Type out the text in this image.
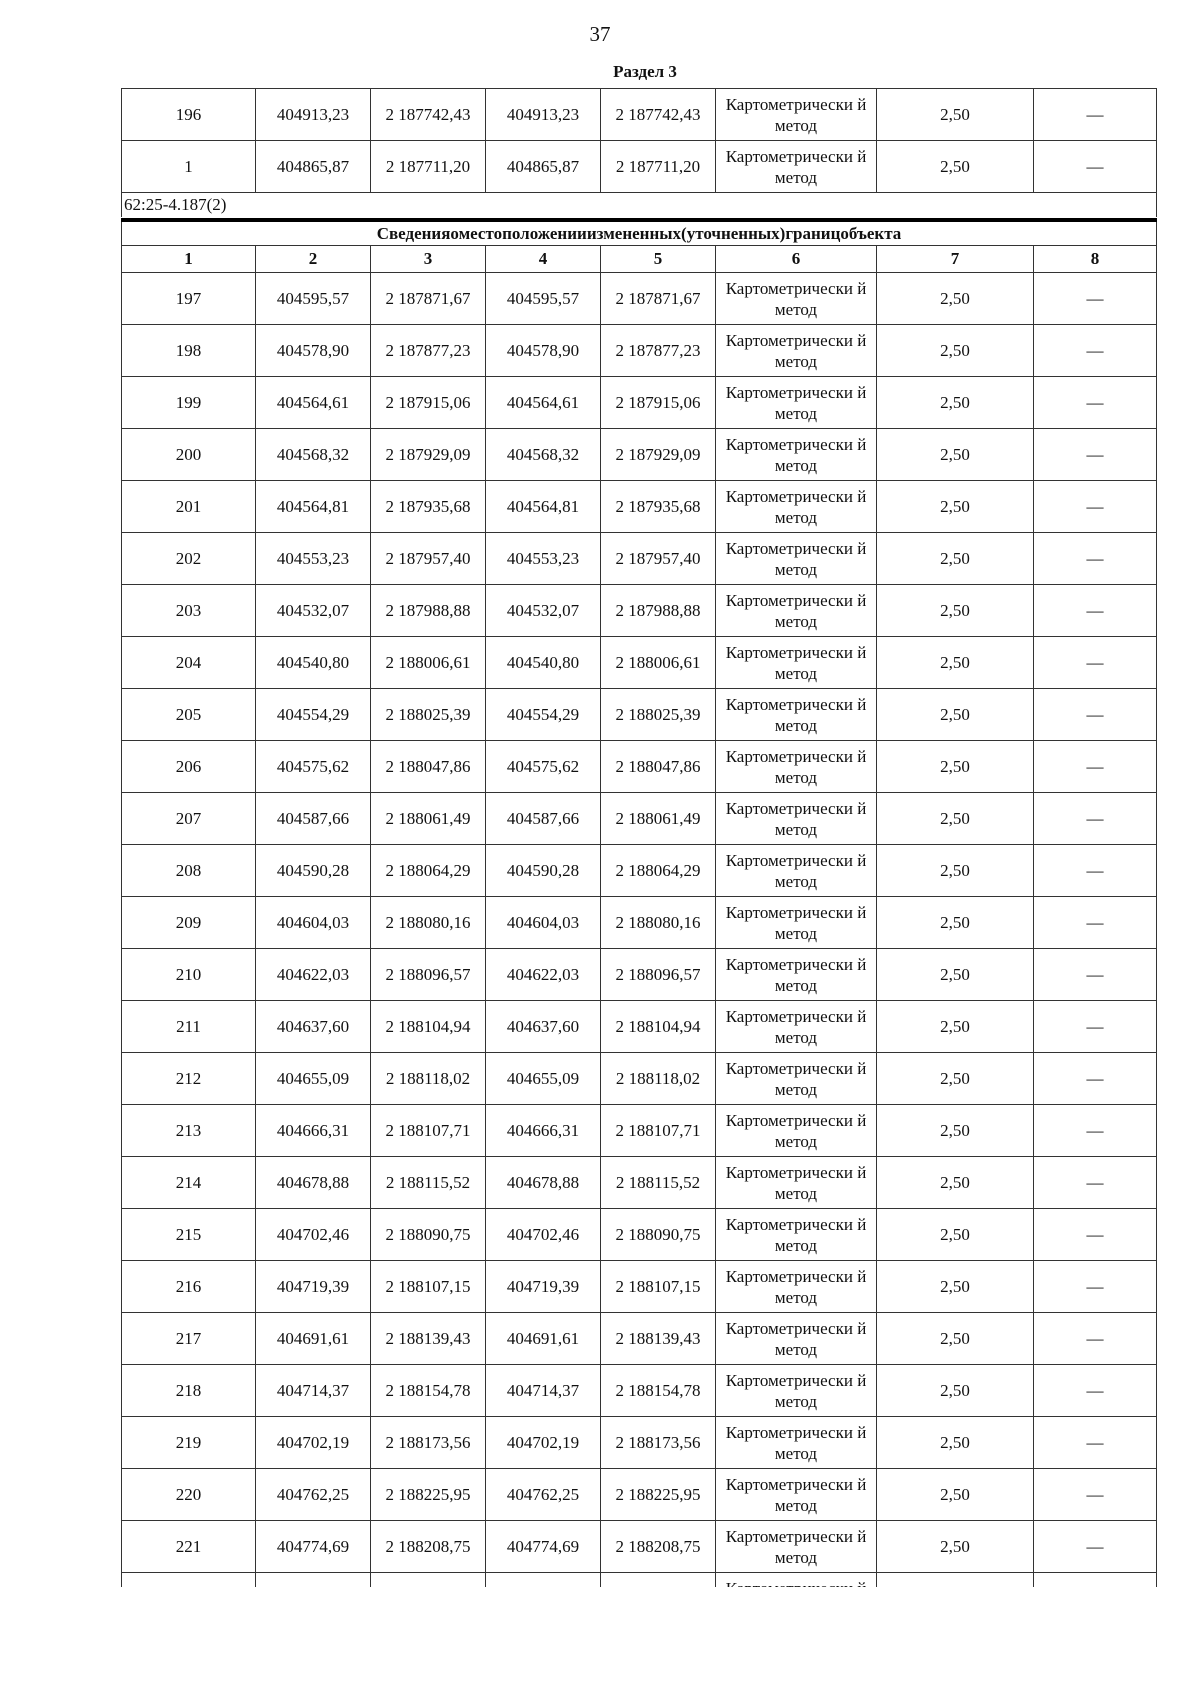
37
Раздел 3
196	404913,23	2 187742,43	404913,23	2 187742,43	Картометрически й метод	2,50	—
1	404865,87	2 187711,20	404865,87	2 187711,20	Картометрически й метод	2,50	—
62:25-4.187(2)							
Сведенияоместоположенииизмененных(уточненных)границобъекта							
1	2	3	4	5	6	7	8
197	404595,57	2 187871,67	404595,57	2 187871,67	Картометрически й метод	2,50	—
198	404578,90	2 187877,23	404578,90	2 187877,23	Картометрически й метод	2,50	—
199	404564,61	2 187915,06	404564,61	2 187915,06	Картометрически й метод	2,50	—
200	404568,32	2 187929,09	404568,32	2 187929,09	Картометрически й метод	2,50	—
201	404564,81	2 187935,68	404564,81	2 187935,68	Картометрически й метод	2,50	—
202	404553,23	2 187957,40	404553,23	2 187957,40	Картометрически й метод	2,50	—
203	404532,07	2 187988,88	404532,07	2 187988,88	Картометрически й метод	2,50	—
204	404540,80	2 188006,61	404540,80	2 188006,61	Картометрически й метод	2,50	—
205	404554,29	2 188025,39	404554,29	2 188025,39	Картометрически й метод	2,50	—
206	404575,62	2 188047,86	404575,62	2 188047,86	Картометрически й метод	2,50	—
207	404587,66	2 188061,49	404587,66	2 188061,49	Картометрически й метод	2,50	—
208	404590,28	2 188064,29	404590,28	2 188064,29	Картометрически й метод	2,50	—
209	404604,03	2 188080,16	404604,03	2 188080,16	Картометрически й метод	2,50	—
210	404622,03	2 188096,57	404622,03	2 188096,57	Картометрически й метод	2,50	—
211	404637,60	2 188104,94	404637,60	2 188104,94	Картометрически й метод	2,50	—
212	404655,09	2 188118,02	404655,09	2 188118,02	Картометрически й метод	2,50	—
213	404666,31	2 188107,71	404666,31	2 188107,71	Картометрически й метод	2,50	—
214	404678,88	2 188115,52	404678,88	2 188115,52	Картометрически й метод	2,50	—
215	404702,46	2 188090,75	404702,46	2 188090,75	Картометрически й метод	2,50	—
216	404719,39	2 188107,15	404719,39	2 188107,15	Картометрически й метод	2,50	—
217	404691,61	2 188139,43	404691,61	2 188139,43	Картометрически й метод	2,50	—
218	404714,37	2 188154,78	404714,37	2 188154,78	Картометрически й метод	2,50	—
219	404702,19	2 188173,56	404702,19	2 188173,56	Картометрически й метод	2,50	—
220	404762,25	2 188225,95	404762,25	2 188225,95	Картометрически й метод	2,50	—
221	404774,69	2 188208,75	404774,69	2 188208,75	Картометрически й метод	2,50	—
